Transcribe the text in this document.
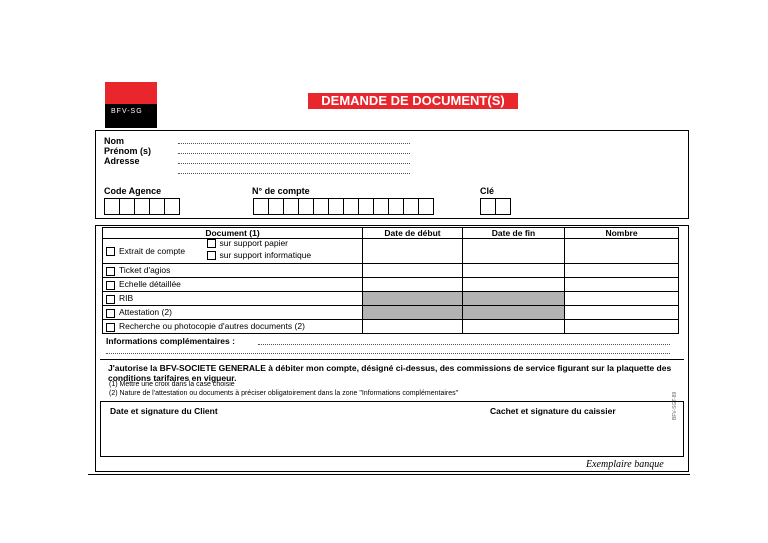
BFV-SG
DEMANDE DE DOCUMENT(S)
Nom
Prénom (s)
Adresse
Code Agence	N° de compte	Clé
Document (1)	Date de début	Date de fin	Nombre
Extrait de compte
sur support papier
sur support informatique			

Ticket d'agios			
Echelle détaillée			
RIB			
Attestation (2)			
Recherche ou photocopie d'autres documents (2)			
Informations complémentaires :
J'autorise la BFV-SOCIETE GENERALE à débiter mon compte, désigné ci-dessus, des commissions de service figurant sur la plaquette des conditions tarifaires en vigueur.
(1) Mettre une croix dans la case choisie
(2) Nature de l'attestation ou documents à préciser obligatoirement dans la zone "Informations complémentaires"
Date et signature du Client	Cachet et signature du caissier	BFV-SGT-89
Exemplaire banque
